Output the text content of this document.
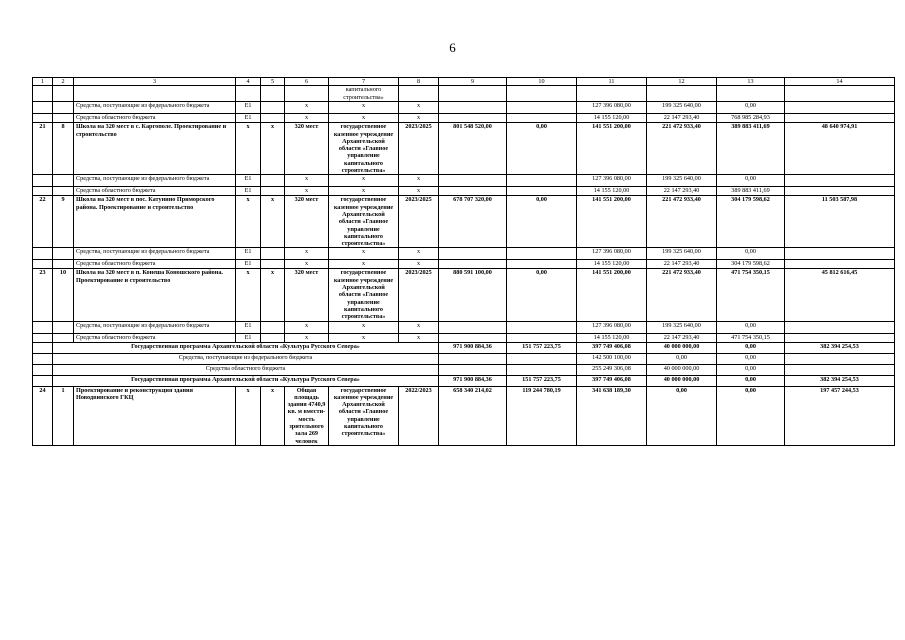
6
1	2	3	4	5	6	7	8	9	10	11	12	13	14
						капитального строительства»							
		Средства, поступающие из федерального бюджета	Е1		х	х	х			127 396 080,00	199 325 640,00	0,00	
		Средства областного бюджета	Е1		х	х	х			14 155 120,00	22 147 293,40	768 985 284,93	
21	8	Школа на 320 мест в с. Каргополе. Проектирование и строительство	х	х	320 мест	государственное казенное учреждение Архангельской области «Главное управление капитального строительства»	2023/2025	801 548 520,00	0,00	141 551 200,00	221 472 933,40	389 883 411,69	48 640 974,91
		Средства, поступающие из федерального бюджета	Е1		х	х	х			127 396 080,00	199 325 640,00	0,00	
		Средства областного бюджета	Е1		х	х	х			14 155 120,00	22 147 293,40	389 883 411,69	
22	9	Школа на 320 мест в пос. Катунино Приморского района. Проектирование и строительство	х	х	320 мест	государственное казенное учреждение Архангельской области «Главное управление капитального строительства»	2023/2025	678 707 320,00	0,00	141 551 200,00	221 472 933,40	304 179 598,62	11 503 587,98
		Средства, поступающие из федерального бюджета	Е1		х	х	х			127 396 080,00	199 325 640,00	0,00	
		Средства областного бюджета	Е1		х	х	х			14 155 120,00	22 147 293,40	304 179 598,62	
23	10	Школа на 320 мест в п. Конеша Коношского района. Проектирование и строительство	х	х	320 мест	государственное казенное учреждение Архангельской области «Главное управление капитального строительства»	2023/2025	880 591 100,00	0,00	141 551 200,00	221 472 933,40	471 754 350,15	45 812 616,45
		Средства, поступающие из федерального бюджета	Е1		х	х	х			127 396 080,00	199 325 640,00	0,00	
		Средства областного бюджета	Е1		х	х	х			14 155 120,00	22 147 293,40	471 754 350,15	
	Государственная программа Архангельской области «Культура Русского Севера»							971 900 884,36	151 757 223,75	397 749 406,08	40 000 000,00	0,00	382 394 254,53
	Средства, поступающие из федерального бюджета									142 500 100,00	0,00	0,00	
	Средства областного бюджета									255 249 306,08	40 000 000,00	0,00	
	Государственная программа Архангельской области «Культура Русского Севера»							971 900 884,36	151 757 223,75	397 749 406,08	40 000 000,00	0,00	382 394 254,53
24	1	Проектирование и реконструкция здания Новодвинского ГКЦ	х	х	Общая площадь здания 4740,9 кв. м вмести-мость зрительного зала 269 человек	государственное казенное учреждение Архангельской области «Главное управление капитального строительства»	2022/2023	658 340 214,02	119 244 780,19	341 638 189,30	0,00	0,00	197 457 244,53
